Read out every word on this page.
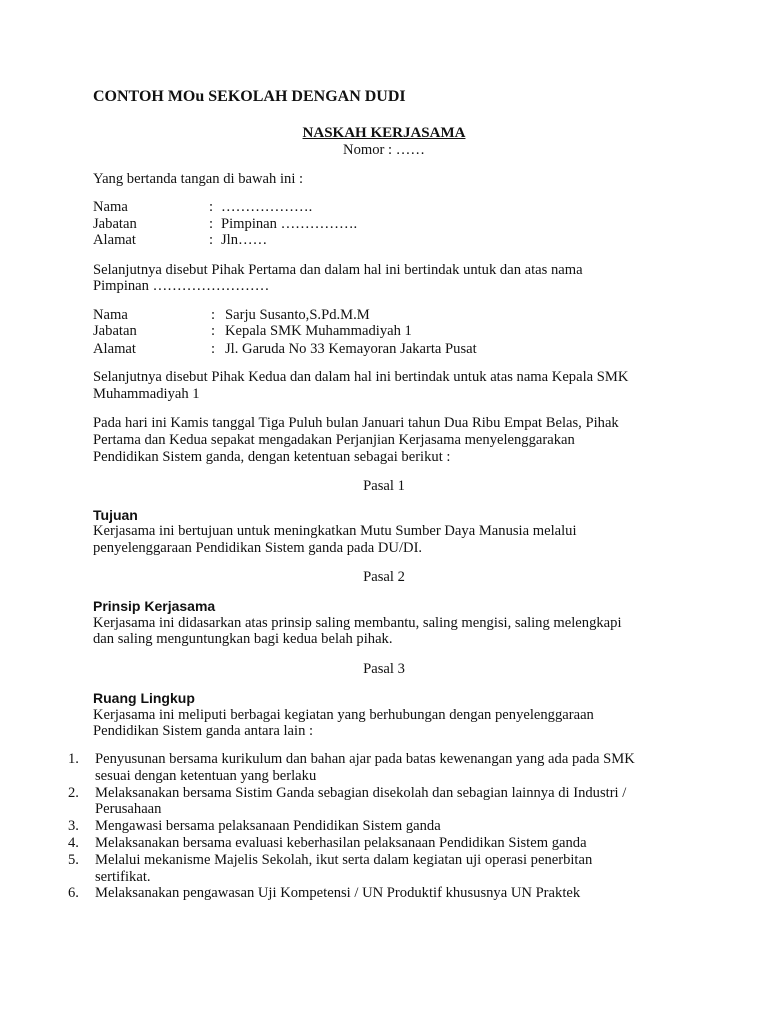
CONTOH MOu SEKOLAH DENGAN DUDI
NASKAH KERJASAMA
Nomor : ……
Yang bertanda tangan di bawah ini :
Nama	: ……………….
Jabatan	: Pimpinan …………….
Alamat	: Jln……
Selanjutnya disebut Pihak Pertama dan dalam hal ini bertindak untuk dan atas nama
Pimpinan ……………………
Nama	: Sarju Susanto,S.Pd.M.M
Jabatan	: Kepala SMK Muhammadiyah 1
Alamat	: Jl. Garuda No 33 Kemayoran Jakarta Pusat
Selanjutnya disebut Pihak Kedua dan dalam hal ini bertindak untuk atas nama Kepala SMK
Muhammadiyah 1
Pada hari ini Kamis tanggal Tiga Puluh bulan Januari tahun Dua Ribu Empat Belas, Pihak
Pertama dan Kedua sepakat mengadakan Perjanjian Kerjasama menyelenggarakan
Pendidikan Sistem ganda, dengan ketentuan sebagai berikut :
Pasal 1
Tujuan
Kerjasama ini bertujuan untuk meningkatkan Mutu Sumber Daya Manusia melalui
penyelenggaraan Pendidikan Sistem ganda pada DU/DI.
Pasal 2
Prinsip Kerjasama
Kerjasama ini didasarkan atas prinsip saling membantu, saling mengisi, saling melengkapi
dan saling menguntungkan bagi kedua belah pihak.
Pasal 3
Ruang Lingkup
Kerjasama ini meliputi berbagai kegiatan yang berhubungan dengan penyelenggaraan
Pendidikan Sistem ganda antara lain :
1. Penyusunan bersama kurikulum dan bahan ajar pada batas kewenangan yang ada pada SMK
sesuai dengan ketentuan yang berlaku
2. Melaksanakan bersama Sistim Ganda sebagian disekolah dan sebagian lainnya di Industri /
Perusahaan
3. Mengawasi bersama pelaksanaan Pendidikan Sistem ganda
4. Melaksanakan bersama evaluasi keberhasilan pelaksanaan Pendidikan Sistem ganda
5. Melalui mekanisme Majelis Sekolah, ikut serta dalam kegiatan uji operasi penerbitan
sertifikat.
6. Melaksanakan pengawasan Uji Kompetensi / UN Produktif khususnya UN Praktek
